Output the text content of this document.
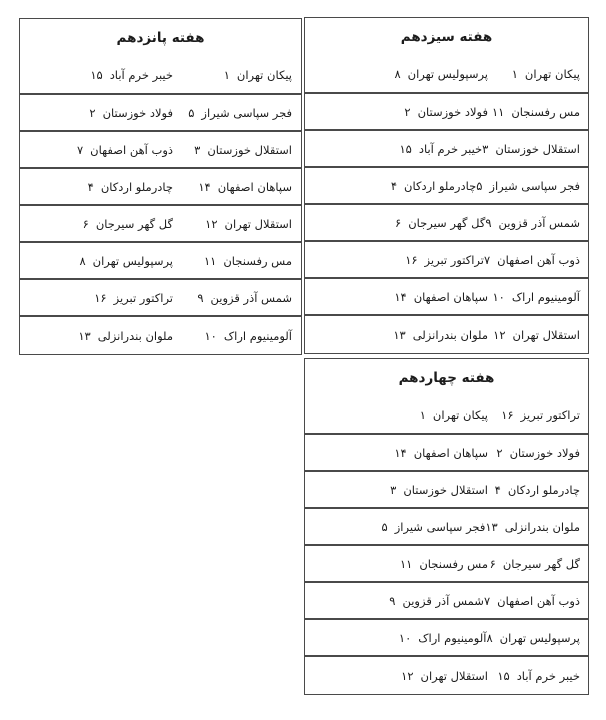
هفته سیزدهم
پیکان تهران
۱
پرسپولیس تهران
۸
مس رفسنجان
۱۱
فولاد خوزستان
۲
استقلال خوزستان
۳
خیبر خرم آباد
۱۵
فجر سپاسی شیراز
۵
چادرملو اردکان
۴
شمس آذر قزوین
۹
گل گهر سیرجان
۶
ذوب آهن اصفهان
۷
تراکتور تبریز
۱۶
آلومینیوم اراک
۱۰
سپاهان اصفهان
۱۴
استقلال تهران
۱۲
ملوان بندرانزلی
۱۳
هفته چهاردهم
تراکتور تبریز
۱۶
پیکان تهران
۱
فولاد خوزستان
۲
سپاهان اصفهان
۱۴
چادرملو اردکان
۴
استقلال خوزستان
۳
ملوان بندرانزلی
۱۳
فجر سپاسی شیراز
۵
گل گهر سیرجان
۶
مس رفسنجان
۱۱
ذوب آهن اصفهان
۷
شمس آذر قزوین
۹
پرسپولیس تهران
۸
آلومینیوم اراک
۱۰
خیبر خرم آباد
۱۵
استقلال تهران
۱۲
هفته پانزدهم
پیکان تهران
۱
خیبر خرم آباد
۱۵
فجر سپاسی شیراز
۵
فولاد خوزستان
۲
استقلال خوزستان
۳
ذوب آهن اصفهان
۷
سپاهان اصفهان
۱۴
چادرملو اردکان
۴
استقلال تهران
۱۲
گل گهر سیرجان
۶
مس رفسنجان
۱۱
پرسپولیس تهران
۸
شمس آذر قزوین
۹
تراکتور تبریز
۱۶
آلومینیوم اراک
۱۰
ملوان بندرانزلی
۱۳
